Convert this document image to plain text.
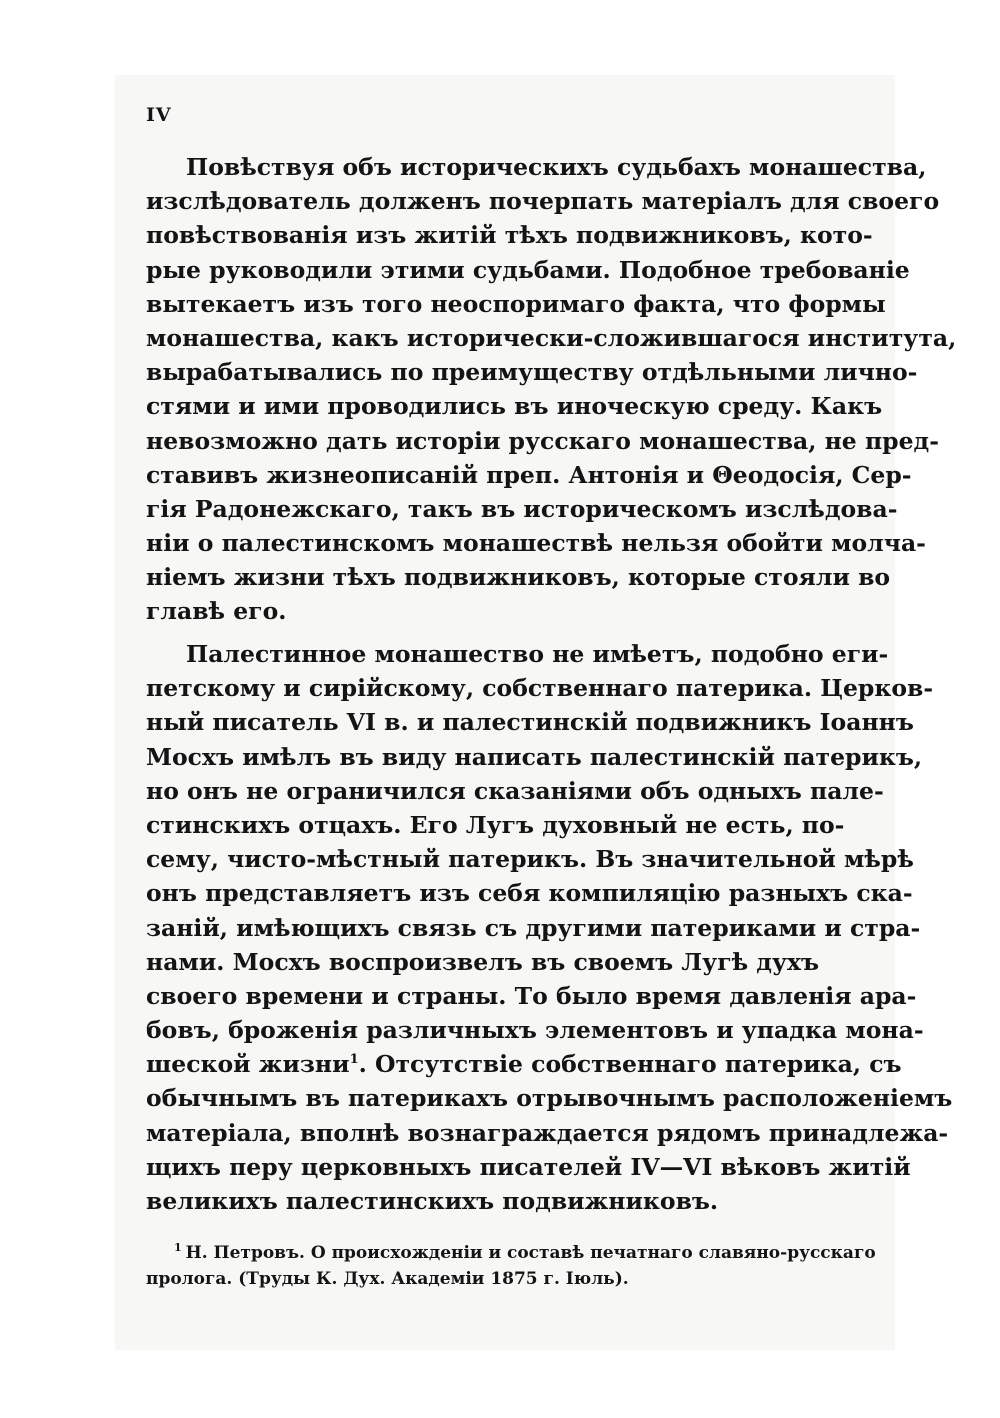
IV
Повѣствуя объ историческихъ судьбахъ монашества,
изслѣдователь долженъ почерпать матеріалъ для своего
повѣствованія изъ житій тѣхъ подвижниковъ, кото-
рые руководили этими судьбами. Подобное требованіе
вытекаетъ изъ того неоспоримаго факта, что формы
монашества, какъ исторически-сложившагося института,
вырабатывались по преимуществу отдѣльными лично-
стями и ими проводились въ иноческую среду. Какъ
невозможно дать исторіи русскаго монашества, не пред-
ставивъ жизнеописаній преп. Антонія и Θеодосія, Сер-
гія Радонежскаго, такъ въ историческомъ изслѣдова-
ніи о палестинскомъ монашествѣ нельзя обойти молча-
ніемъ жизни тѣхъ подвижниковъ, которые стояли во
главѣ его.
Палестинное монашество не имѣетъ, подобно еги-
петскому и сирійскому, собственнаго патерика. Церков-
ный писатель VI в. и палестинскій подвижникъ Іоаннъ
Мосхъ имѣлъ въ виду написать палестинскій патерикъ,
но онъ не ограничился сказаніями объ одныхъ пале-
стинскихъ отцахъ. Его Лугъ духовный не есть, по-
сему, чисто-мѣстный патерикъ. Въ значительной мѣрѣ
онъ представляетъ изъ себя компиляцію разныхъ ска-
заній, имѣющихъ связь съ другими патериками и стра-
нами. Мосхъ воспроизвелъ въ своемъ Лугѣ духъ
своего времени и страны. То было время давленія ара-
бовъ, броженія различныхъ элементовъ и упадка мона-
шеской жизни$^1$. Отсутствіе собственнаго патерика, съ
обычнымъ въ патерикахъ отрывочнымъ расположеніемъ
матеріала, вполнѣ вознаграждается рядомъ принадлежа-
щихъ перу церковныхъ писателей IV—VI вѣковъ житій
великихъ палестинскихъ подвижниковъ.
$^1$ Н. Петровъ. О происхожденіи и составѣ печатнаго славяно-русскаго
пролога. (Труды К. Дух. Академіи 1875 г. Іюль).
